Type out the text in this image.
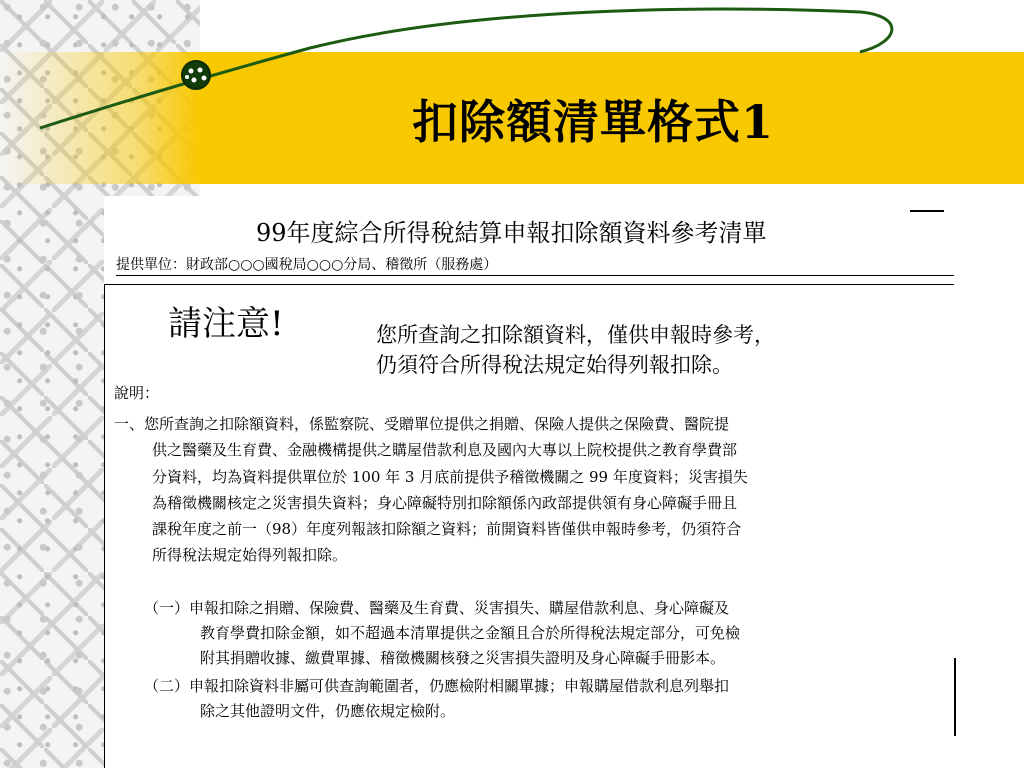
扣除額清單格式1
99年度綜合所得稅結算申報扣除額資料參考清單
提供單位：財政部○○○國稅局○○○分局、稽徵所（服務處）
請注意!	您所查詢之扣除額資料，僅供申報時參考，
仍須符合所得稅法規定始得列報扣除。
說明：
一、您所查詢之扣除額資料，係監察院、受贈單位提供之捐贈、保險人提供之保險費、醫院提
供之醫藥及生育費、金融機構提供之購屋借款利息及國內大專以上院校提供之教育學費部
分資料，均為資料提供單位於 100 年 3 月底前提供予稽徵機關之 99 年度資料；災害損失
為稽徵機關核定之災害損失資料；身心障礙特別扣除額係內政部提供領有身心障礙手冊且
課稅年度之前一（98）年度列報該扣除額之資料；前開資料皆僅供申報時參考，仍須符合
所得稅法規定始得列報扣除。
（一）申報扣除之捐贈、保險費、醫藥及生育費、災害損失、購屋借款利息、身心障礙及
教育學費扣除金額，如不超過本清單提供之金額且合於所得稅法規定部分，可免檢
附其捐贈收據、繳費單據、稽徵機關核發之災害損失證明及身心障礙手冊影本。
（二）申報扣除資料非屬可供查詢範圍者，仍應檢附相關單據；申報購屋借款利息列舉扣
除之其他證明文件，仍應依規定檢附。
